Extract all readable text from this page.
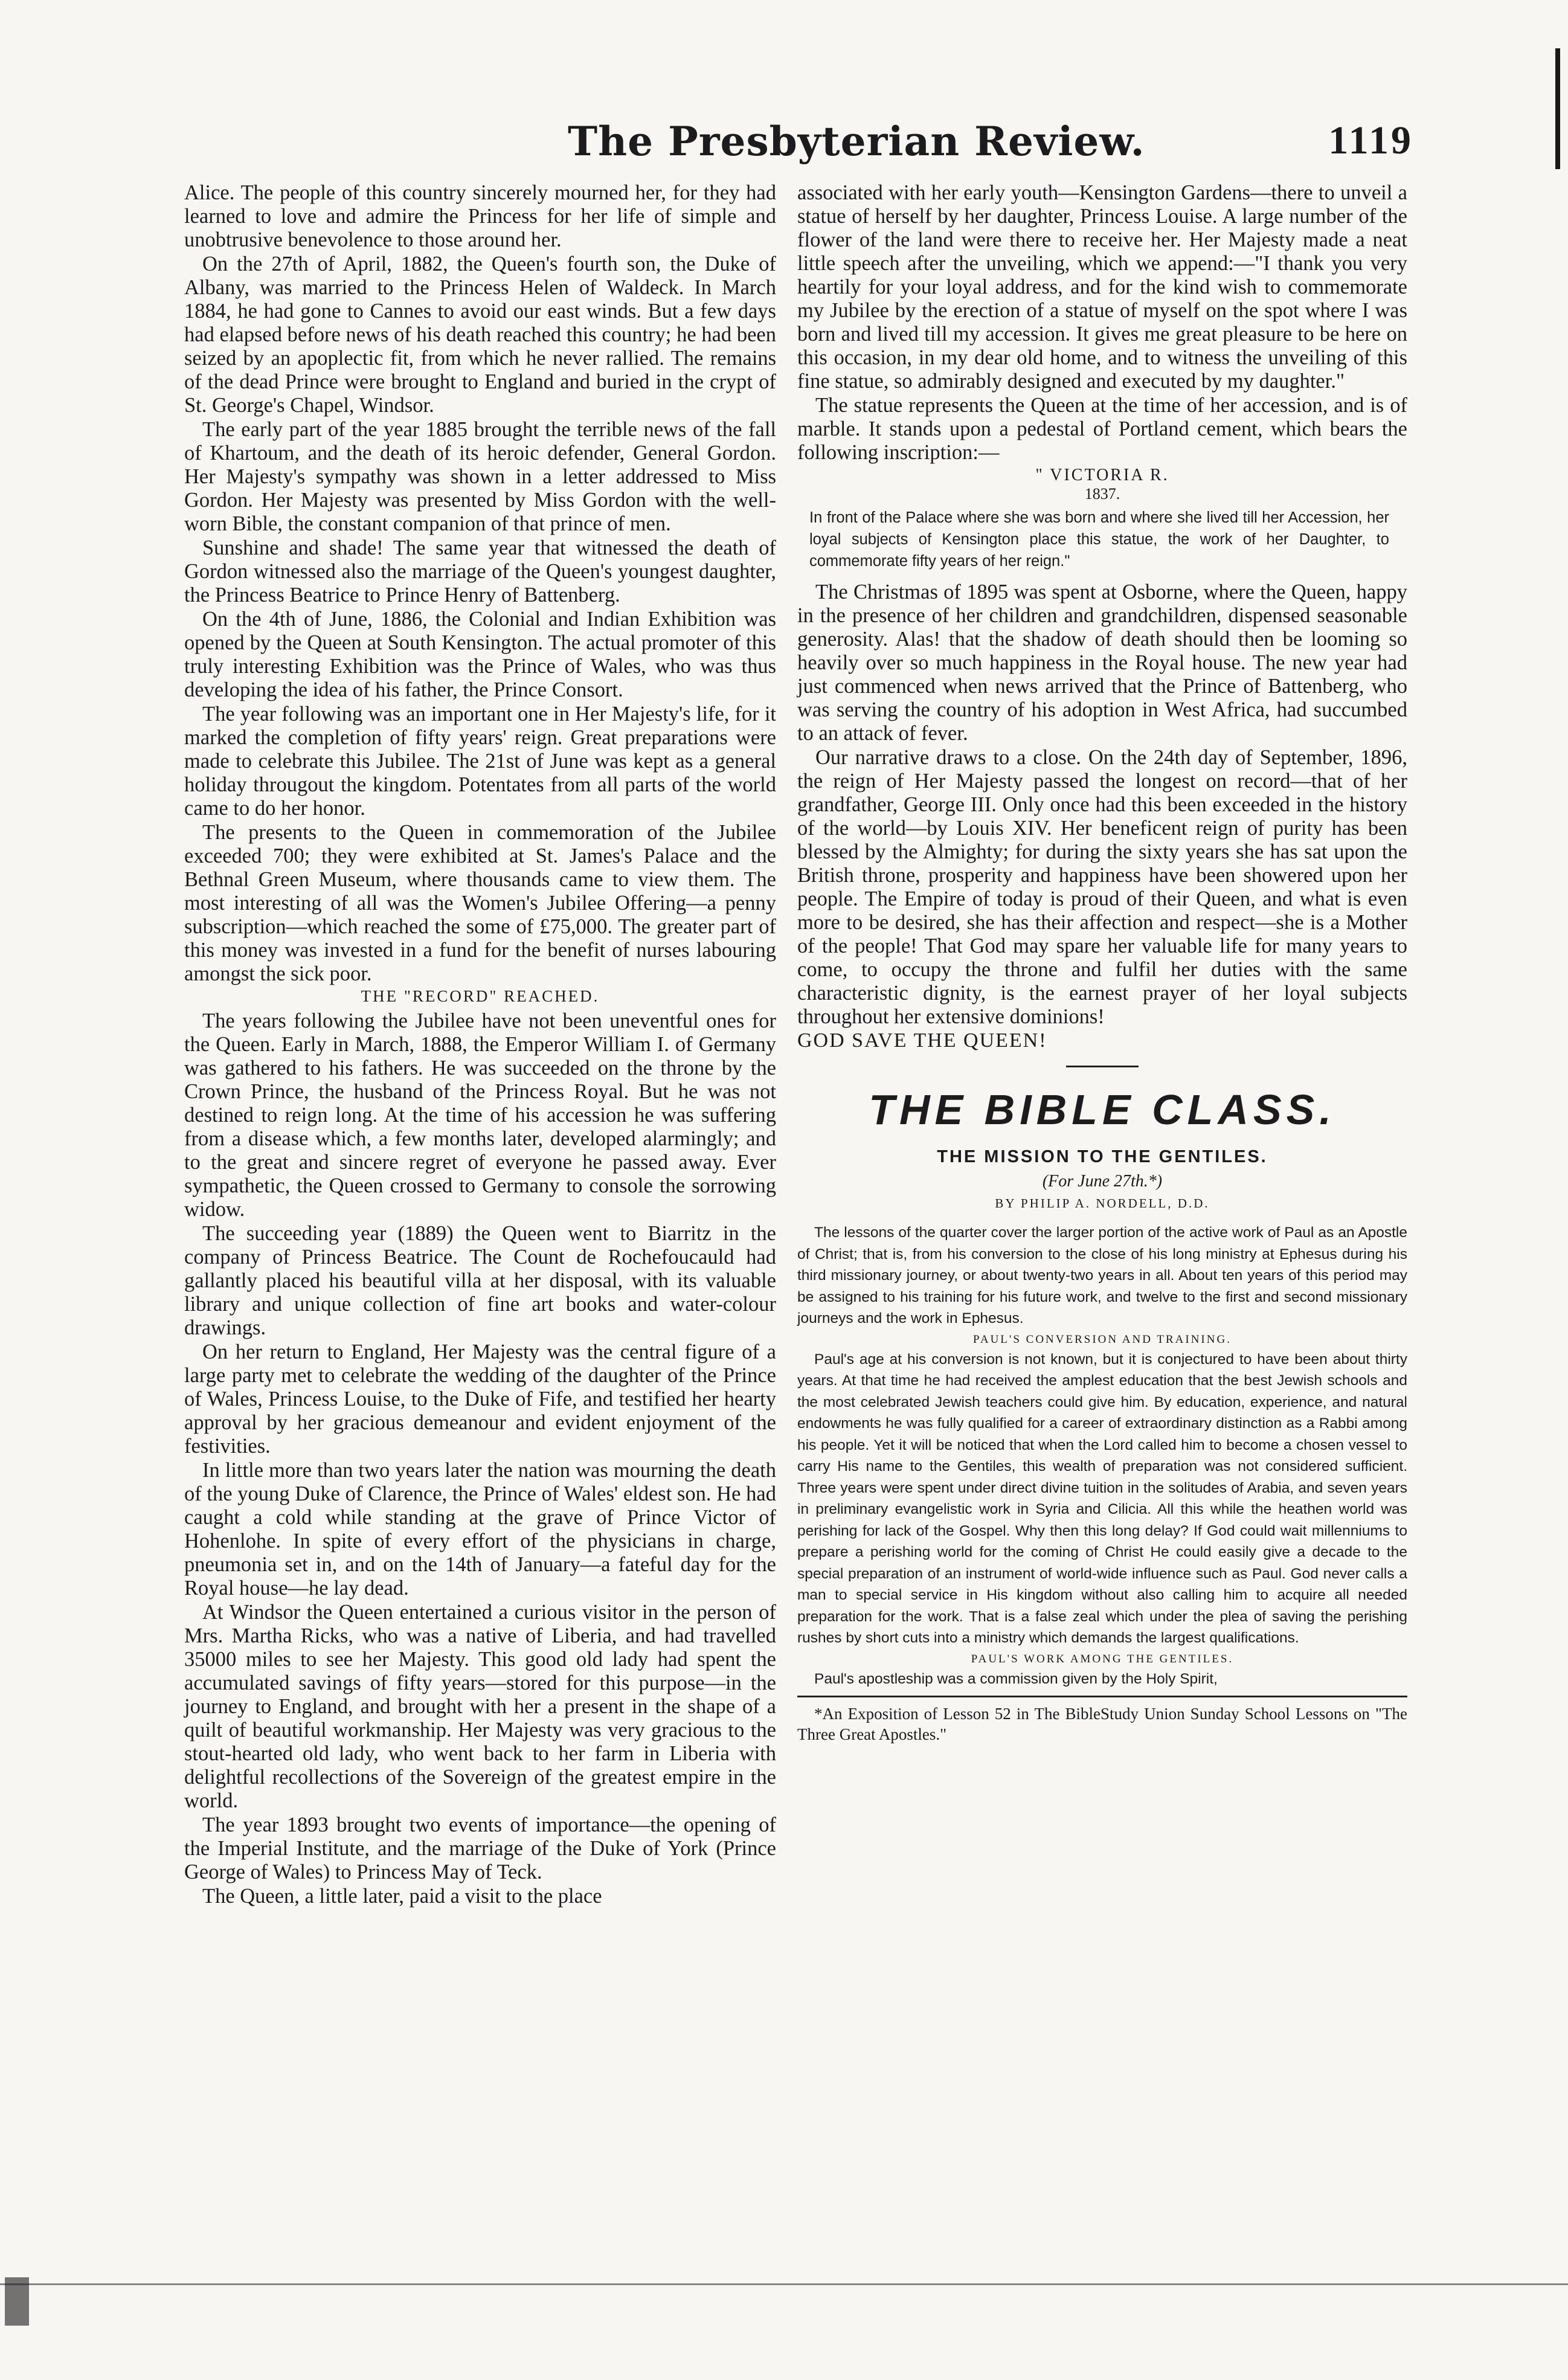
The Presbyterian Review.	1119

Alice. The people of this country sincerely mourned her, for they had learned to love and admire the Princess for her life of simple and unobtrusive benevolence to those around her.

On the 27th of April, 1882, the Queen's fourth son, the Duke of Albany, was married to the Princess Helen of Waldeck. In March 1884, he had gone to Cannes to avoid our east winds. But a few days had elapsed before news of his death reached this country; he had been seized by an apoplectic fit, from which he never rallied. The remains of the dead Prince were brought to England and buried in the crypt of St. George's Chapel, Windsor.

The early part of the year 1885 brought the terrible news of the fall of Khartoum, and the death of its heroic defender, General Gordon. Her Majesty's sympathy was shown in a letter addressed to Miss Gordon. Her Majesty was presented by Miss Gordon with the well-worn Bible, the constant companion of that prince of men.

Sunshine and shade! The same year that witnessed the death of Gordon witnessed also the marriage of the Queen's youngest daughter, the Princess Beatrice to Prince Henry of Battenberg.

On the 4th of June, 1886, the Colonial and Indian Exhibition was opened by the Queen at South Kensington. The actual promoter of this truly interesting Exhibition was the Prince of Wales, who was thus developing the idea of his father, the Prince Consort.

The year following was an important one in Her Majesty's life, for it marked the completion of fifty years' reign. Great preparations were made to celebrate this Jubilee. The 21st of June was kept as a general holiday througout the kingdom. Potentates from all parts of the world came to do her honor.

The presents to the Queen in commemoration of the Jubilee exceeded 700; they were exhibited at St. James's Palace and the Bethnal Green Museum, where thousands came to view them. The most interesting of all was the Women's Jubilee Offering—a penny subscription—which reached the some of £75,000. The greater part of this money was invested in a fund for the benefit of nurses labouring amongst the sick poor.

THE "RECORD" REACHED.

The years following the Jubilee have not been uneventful ones for the Queen. Early in March, 1888, the Emperor William I. of Germany was gathered to his fathers. He was succeeded on the throne by the Crown Prince, the husband of the Princess Royal. But he was not destined to reign long. At the time of his accession he was suffering from a disease which, a few months later, developed alarmingly; and to the great and sincere regret of everyone he passed away. Ever sympathetic, the Queen crossed to Germany to console the sorrowing widow.

The succeeding year (1889) the Queen went to Biarritz in the company of Princess Beatrice. The Count de Rochefoucauld had gallantly placed his beautiful villa at her disposal, with its valuable library and unique collection of fine art books and water-colour drawings.

On her return to England, Her Majesty was the central figure of a large party met to celebrate the wedding of the daughter of the Prince of Wales, Princess Louise, to the Duke of Fife, and testified her hearty approval by her gracious demeanour and evident enjoyment of the festivities.

In little more than two years later the nation was mourning the death of the young Duke of Clarence, the Prince of Wales' eldest son. He had caught a cold while standing at the grave of Prince Victor of Hohenlohe. In spite of every effort of the physicians in charge, pneumonia set in, and on the 14th of January—a fateful day for the Royal house—he lay dead.

At Windsor the Queen entertained a curious visitor in the person of Mrs. Martha Ricks, who was a native of Liberia, and had travelled 35000 miles to see her Majesty. This good old lady had spent the accumulated savings of fifty years—stored for this purpose—in the journey to England, and brought with her a present in the shape of a quilt of beautiful workmanship. Her Majesty was very gracious to the stout-hearted old lady, who went back to her farm in Liberia with delightful recollections of the Sovereign of the greatest empire in the world.

The year 1893 brought two events of importance—the opening of the Imperial Institute, and the marriage of the Duke of York (Prince George of Wales) to Princess May of Teck.

The Queen, a little later, paid a visit to the place

associated with her early youth—Kensington Gardens—there to unveil a statue of herself by her daughter, Princess Louise. A large number of the flower of the land were there to receive her. Her Majesty made a neat little speech after the unveiling, which we append:—"I thank you very heartily for your loyal address, and for the kind wish to commemorate my Jubilee by the erection of a statue of myself on the spot where I was born and lived till my accession. It gives me great pleasure to be here on this occasion, in my dear old home, and to witness the unveiling of this fine statue, so admirably designed and executed by my daughter."

The statue represents the Queen at the time of her accession, and is of marble. It stands upon a pedestal of Portland cement, which bears the following inscription:—

" VICTORIA R.
1837.

In front of the Palace where she was born and where she lived till her Accession, her loyal subjects of Kensington place this statue, the work of her Daughter, to commemorate fifty years of her reign."

The Christmas of 1895 was spent at Osborne, where the Queen, happy in the presence of her children and grandchildren, dispensed seasonable generosity. Alas! that the shadow of death should then be looming so heavily over so much happiness in the Royal house. The new year had just commenced when news arrived that the Prince of Battenberg, who was serving the country of his adoption in West Africa, had succumbed to an attack of fever.

Our narrative draws to a close. On the 24th day of September, 1896, the reign of Her Majesty passed the longest on record—that of her grandfather, George III. Only once had this been exceeded in the history of the world—by Louis XIV. Her beneficent reign of purity has been blessed by the Almighty; for during the sixty years she has sat upon the British throne, prosperity and happiness have been showered upon her people. The Empire of today is proud of their Queen, and what is even more to be desired, she has their affection and respect—she is a Mother of the people! That God may spare her valuable life for many years to come, to occupy the throne and fulfil her duties with the same characteristic dignity, is the earnest prayer of her loyal subjects throughout her extensive dominions!

GOD SAVE THE QUEEN!

THE BIBLE CLASS.
THE MISSION TO THE GENTILES.
(For June 27th.*)
BY PHILIP A. NORDELL, D.D.

The lessons of the quarter cover the larger portion of the active work of Paul as an Apostle of Christ; that is, from his conversion to the close of his long ministry at Ephesus during his third missionary journey, or about twenty-two years in all. About ten years of this period may be assigned to his training for his future work, and twelve to the first and second missionary journeys and the work in Ephesus.

PAUL'S CONVERSION AND TRAINING.

Paul's age at his conversion is not known, but it is conjectured to have been about thirty years. At that time he had received the amplest education that the best Jewish schools and the most celebrated Jewish teachers could give him. By education, experience, and natural endowments he was fully qualified for a career of extraordinary distinction as a Rabbi among his people. Yet it will be noticed that when the Lord called him to become a chosen vessel to carry His name to the Gentiles, this wealth of preparation was not considered sufficient. Three years were spent under direct divine tuition in the solitudes of Arabia, and seven years in preliminary evangelistic work in Syria and Cilicia. All this while the heathen world was perishing for lack of the Gospel. Why then this long delay? If God could wait millenniums to prepare a perishing world for the coming of Christ He could easily give a decade to the special preparation of an instrument of world-wide influence such as Paul. God never calls a man to special service in His kingdom without also calling him to acquire all needed preparation for the work. That is a false zeal which under the plea of saving the perishing rushes by short cuts into a ministry which demands the largest qualifications.

PAUL'S WORK AMONG THE GENTILES.

Paul's apostleship was a commission given by the Holy Spirit,

*An Exposition of Lesson 52 in The BibleStudy Union Sunday School Lessons on "The Three Great Apostles."
